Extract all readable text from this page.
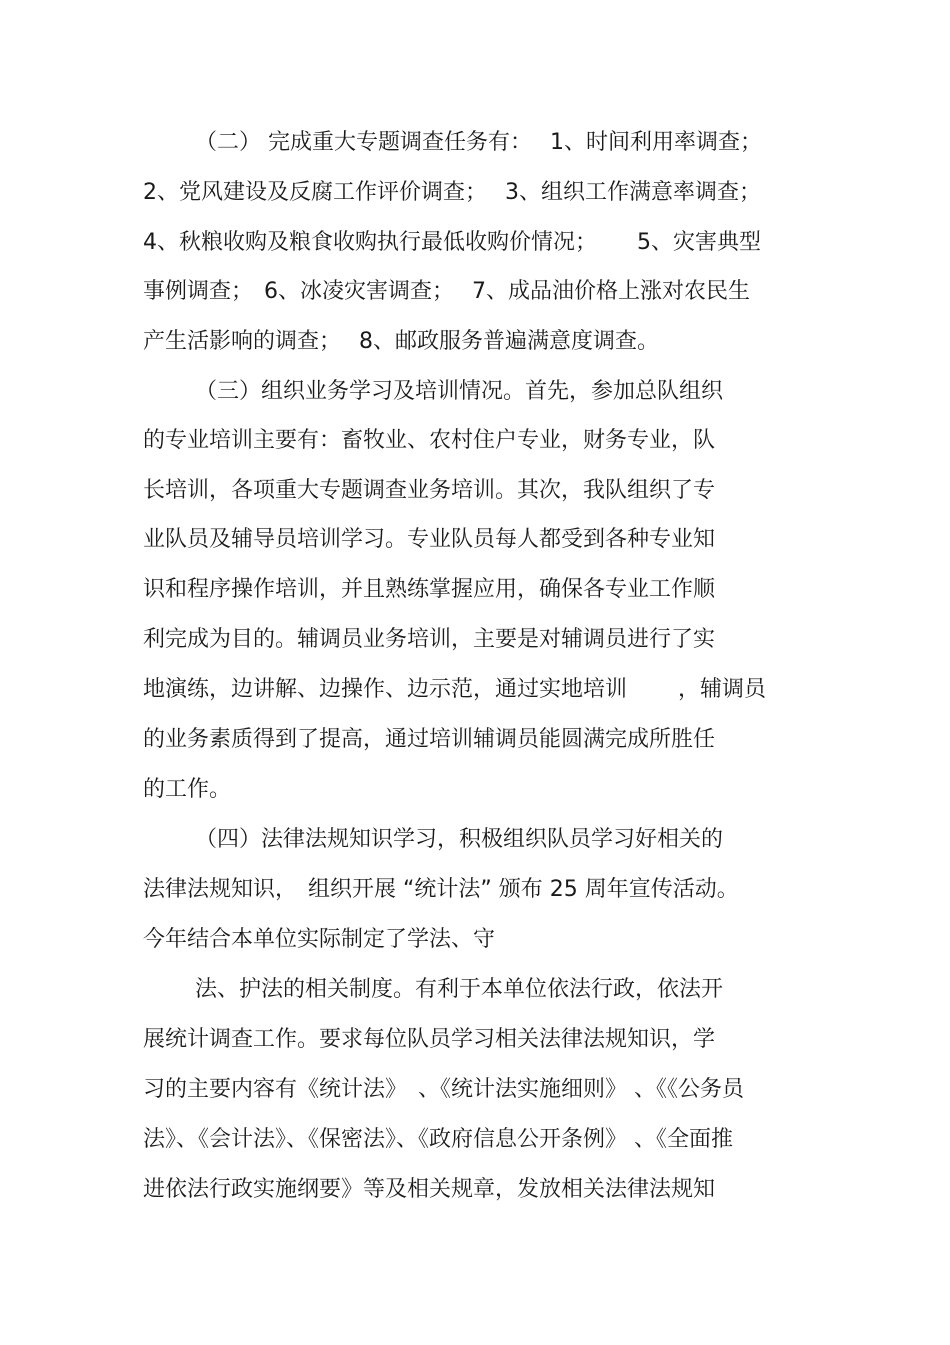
（二） 完成重大专题调查任务有：　 1、时间利用率调查；
2、党风建设及反腐工作评价调查；　 3、组织工作满意率调查；
4、秋粮收购及粮食收购执行最低收购价情况；　　 5、灾害典型
事例调查；　6、冰凌灾害调查；　 7、成品油价格上涨对农民生
产生活影响的调查；　 8、邮政服务普遍满意度调查。
（三）组织业务学习及培训情况。首先，参加总队组织
的专业培训主要有：畜牧业、农村住户专业，财务专业，队
长培训，各项重大专题调查业务培训。其次，我队组织了专
业队员及辅导员培训学习。专业队员每人都受到各种专业知
识和程序操作培训，并且熟练掌握应用，确保各专业工作顺
利完成为目的。辅调员业务培训，主要是对辅调员进行了实
地演练，边讲解、边操作、边示范，通过实地培训　　 ，辅调员
的业务素质得到了提高，通过培训辅调员能圆满完成所胜任
的工作。
（四）法律法规知识学习，积极组织队员学习好相关的
法律法规知识，　组织开展 “统计法” 颁布 25 周年宣传活动。
今年结合本单位实际制定了学法、守
法、护法的相关制度。有利于本单位依法行政，依法开
展统计调查工作。要求每位队员学习相关法律法规知识，学
习的主要内容有《统计法》　、《统计法实施细则》 、《《公务员
法》、《会计法》、《保密法》、《政府信息公开条例》 、《全面推
进依法行政实施纲要》等及相关规章，发放相关法律法规知
